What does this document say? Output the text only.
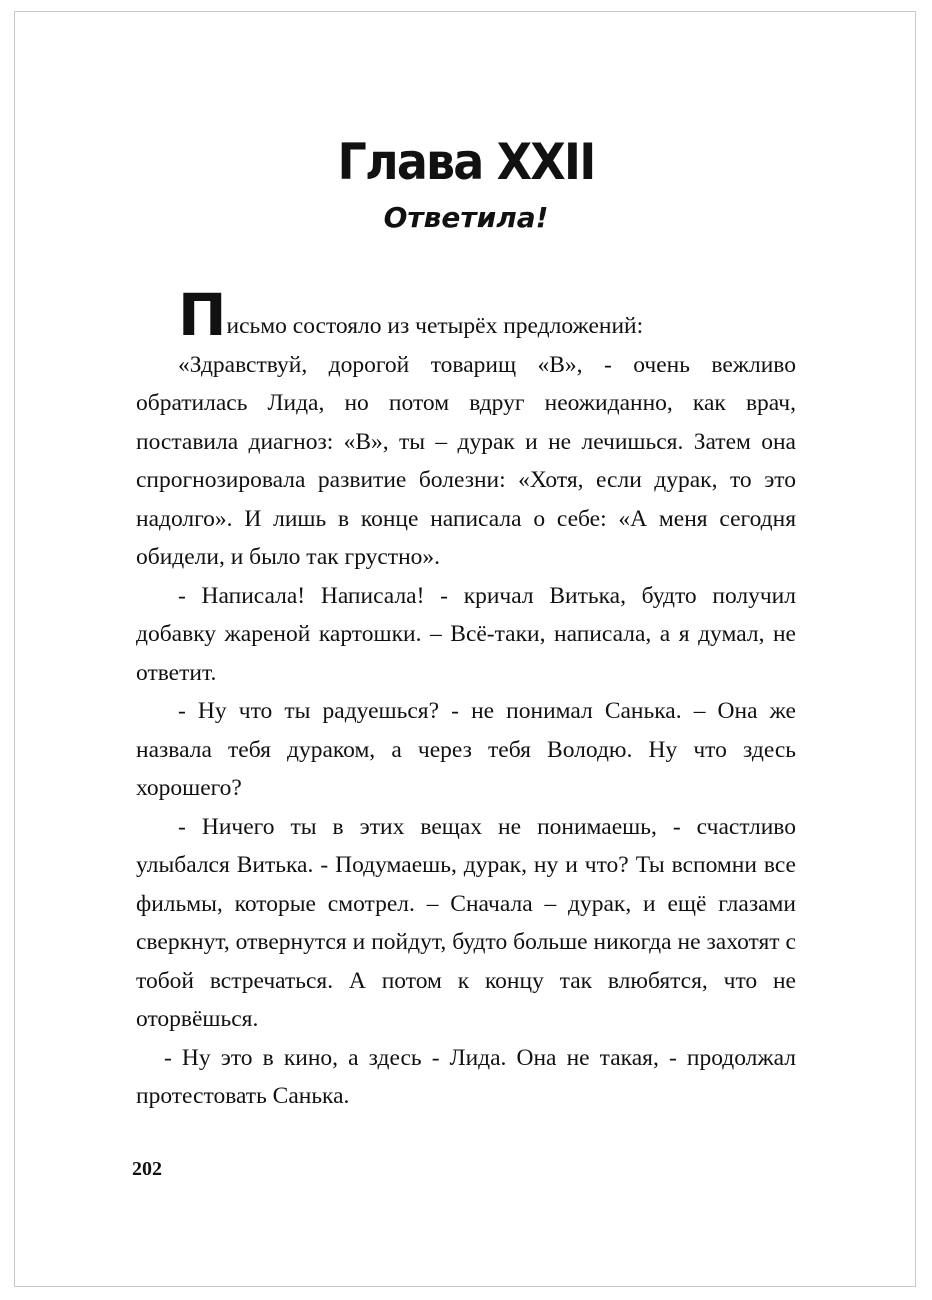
Глава XXII
Ответила!

Письмо состояло из четырёх предложений:

«Здравствуй, дорогой товарищ «В», - очень вежливо обратилась Лида, но потом вдруг неожиданно, как врач, поставила диагноз: «В», ты – дурак и не лечишься. Затем она спрогнозировала развитие болезни: «Хотя, если дурак, то это надолго». И лишь в конце написала о себе: «А меня сегодня обидели, и было так грустно».

- Написала! Написала! - кричал Витька, будто получил добавку жареной картошки. – Всё-таки, написала, а я думал, не ответит.

- Ну что ты радуешься? - не понимал Санька. – Она же назвала тебя дураком, а через тебя Володю. Ну что здесь хорошего?

- Ничего ты в этих вещах не понимаешь, - счастливо улыбался Витька. - Подумаешь, дурак, ну и что? Ты вспомни все фильмы, которые смотрел. – Сначала – дурак, и ещё глазами сверкнут, отвернутся и пойдут, будто больше никогда не захотят с тобой встречаться. А потом к концу так влюбятся, что не оторвёшься.

- Ну это в кино, а здесь - Лида. Она не такая, - продолжал протестовать Санька.

202
